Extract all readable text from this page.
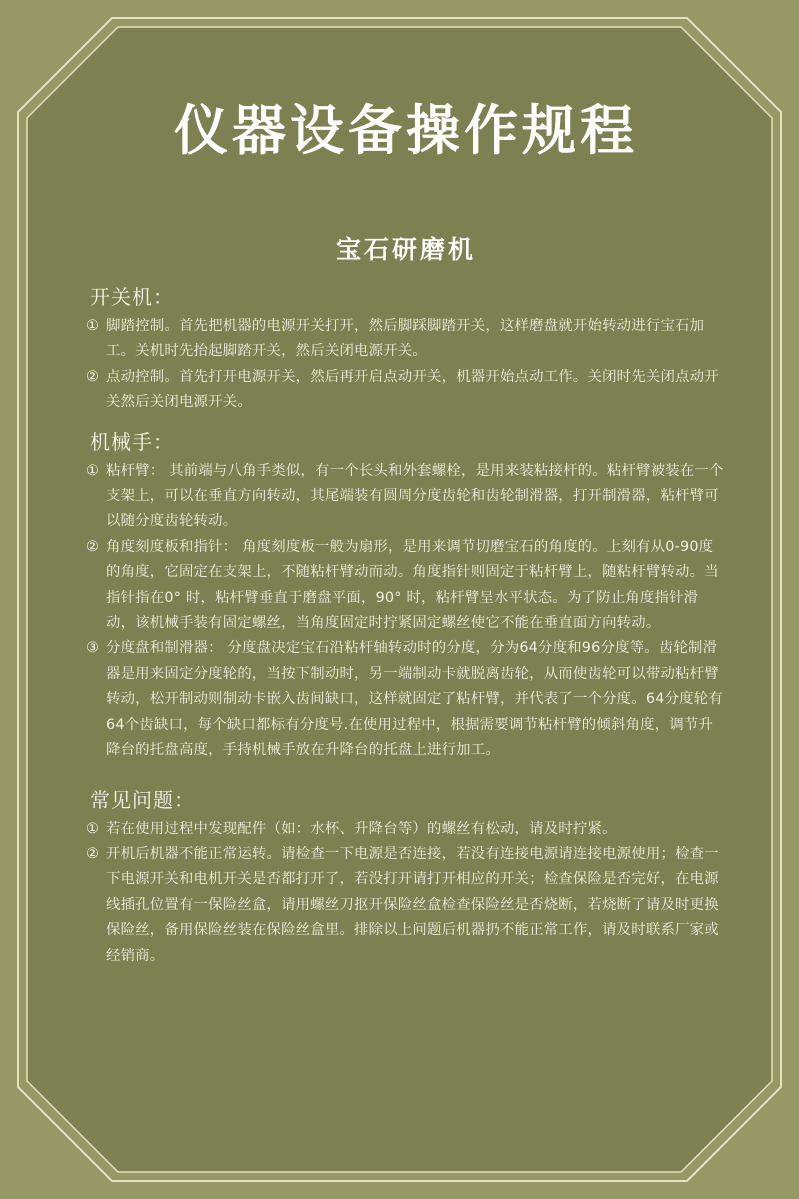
仪器设备操作规程
宝石研磨机
开关机：
① 脚踏控制。首先把机器的电源开关打开，然后脚踩脚踏开关，这样磨盘就开始转动进行宝石加工。关机时先抬起脚踏开关，然后关闭电源开关。
② 点动控制。首先打开电源开关，然后再开启点动开关，机器开始点动工作。关闭时先关闭点动开关然后关闭电源开关。
机械手：
① 粘杆臂： 其前端与八角手类似，有一个长头和外套螺栓，是用来装粘接杆的。粘杆臂被装在一个支架上，可以在垂直方向转动，其尾端装有圆周分度齿轮和齿轮制滑器，打开制滑器，粘杆臂可以随分度齿轮转动。
② 角度刻度板和指针： 角度刻度板一般为扇形，是用来调节切磨宝石的角度的。上刻有从0-90度的角度，它固定在支架上，不随粘杆臂动而动。角度指针则固定于粘杆臂上，随粘杆臂转动。当指针指在0° 时，粘杆臂垂直于磨盘平面，90° 时，粘杆臂呈水平状态。为了防止角度指针滑动，该机械手装有固定螺丝，当角度固定时拧紧固定螺丝使它不能在垂直面方向转动。
③ 分度盘和制滑器： 分度盘决定宝石沿粘杆轴转动时的分度，分为64分度和96分度等。齿轮制滑器是用来固定分度轮的，当按下制动时，另一端制动卡就脱离齿轮，从而使齿轮可以带动粘杆臂转动，松开制动则制动卡嵌入齿间缺口，这样就固定了粘杆臂，并代表了一个分度。64分度轮有64个齿缺口，每个缺口都标有分度号.在使用过程中，根据需要调节粘杆臂的倾斜角度，调节升降台的托盘高度，手持机械手放在升降台的托盘上进行加工。
常见问题：
① 若在使用过程中发现配件（如：水杯、升降台等）的螺丝有松动，请及时拧紧。
② 开机后机器不能正常运转。请检查一下电源是否连接，若没有连接电源请连接电源使用；检查一下电源开关和电机开关是否都打开了，若没打开请打开相应的开关；检查保险是否完好，在电源线插孔位置有一保险丝盒，请用螺丝刀抠开保险丝盒检查保险丝是否烧断，若烧断了请及时更换保险丝，备用保险丝装在保险丝盒里。排除以上问题后机器扔不能正常工作，请及时联系厂家或经销商。
